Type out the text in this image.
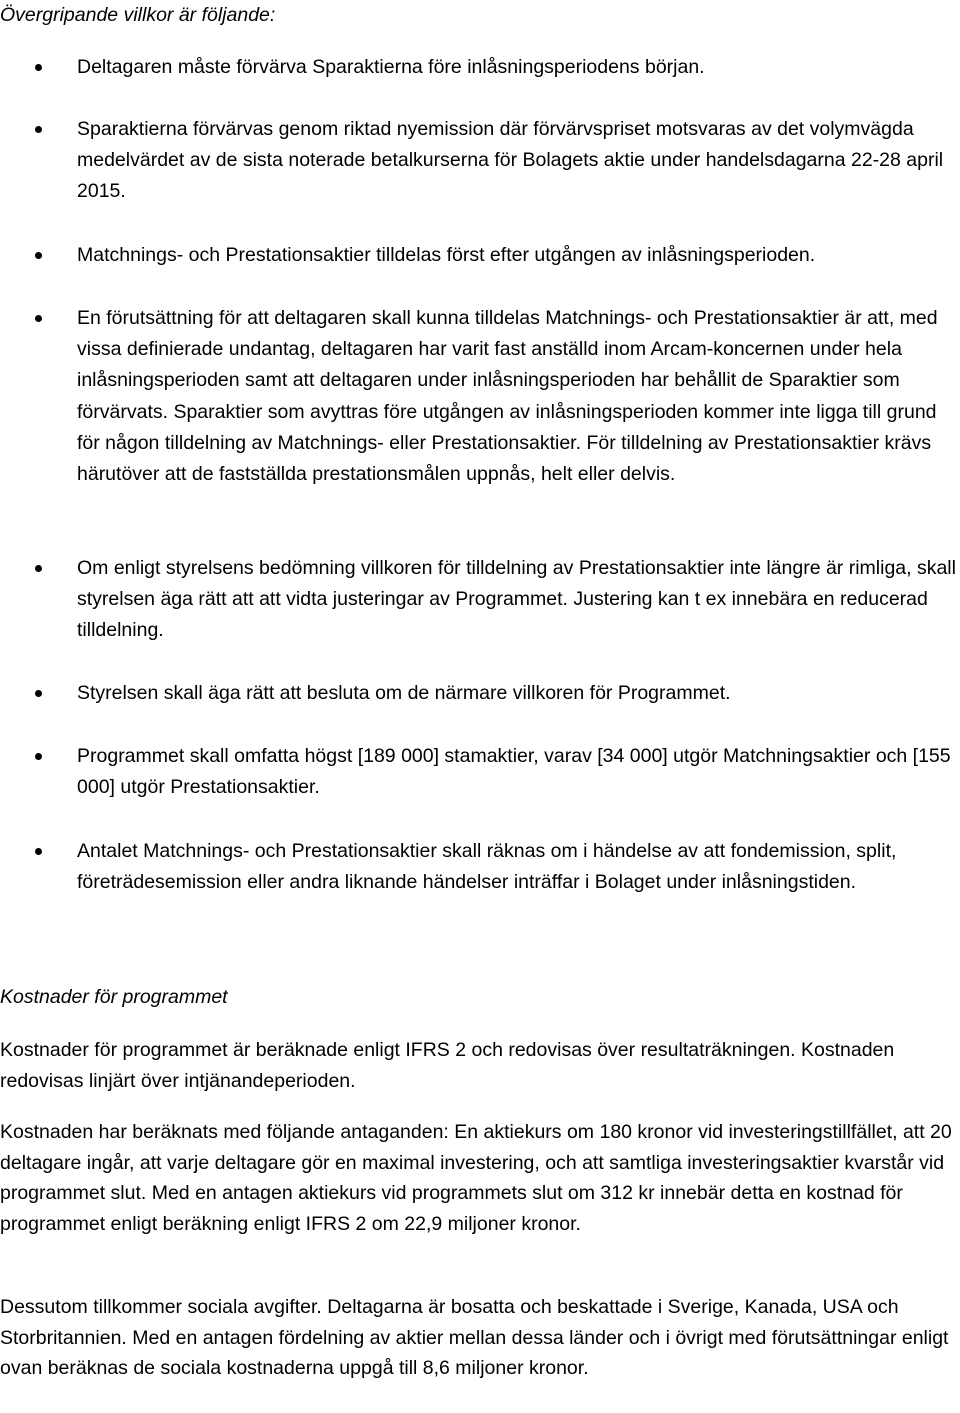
Övergripande villkor är följande:
Deltagaren måste förvärva Sparaktierna före inlåsningsperiodens början.
Sparaktierna förvärvas genom riktad nyemission där förvärvspriset motsvaras av det volymvägda medelvärdet av de sista noterade betalkurserna för Bolagets aktie under handelsdagarna 22-28 april 2015.
Matchnings- och Prestationsaktier tilldelas först efter utgången av inlåsningsperioden.
En förutsättning för att deltagaren skall kunna tilldelas Matchnings- och Prestationsaktier är att, med vissa definierade undantag, deltagaren har varit fast anställd inom Arcam-koncernen under hela inlåsningsperioden samt att deltagaren under inlåsningsperioden har behållit de Sparaktier som förvärvats. Sparaktier som avyttras före utgången av inlåsningsperioden kommer inte ligga till grund för någon tilldelning av Matchnings- eller Prestationsaktier. För tilldelning av Prestationsaktier krävs härutöver att de fastställda prestationsmålen uppnås, helt eller delvis.
Om enligt styrelsens bedömning villkoren för tilldelning av Prestationsaktier inte längre är rimliga, skall styrelsen äga rätt att att vidta justeringar av Programmet. Justering kan t ex innebära en reducerad tilldelning.
Styrelsen skall äga rätt att besluta om de närmare villkoren för Programmet.
Programmet skall omfatta högst [189 000] stamaktier, varav [34 000] utgör Matchningsaktier och [155 000] utgör Prestationsaktier.
Antalet Matchnings- och Prestationsaktier skall räknas om i händelse av att fondemission, split, företrädesemission eller andra liknande händelser inträffar i Bolaget under inlåsningstiden.
Kostnader för programmet
Kostnader för programmet är beräknade enligt IFRS 2 och redovisas över resultaträkningen. Kostnaden redovisas linjärt över intjänandeperioden.
Kostnaden har beräknats med följande antaganden: En aktiekurs om 180 kronor vid investeringstillfället, att 20 deltagare ingår, att varje deltagare gör en maximal investering, och att samtliga investeringsaktier kvarstår vid programmet slut. Med en antagen aktiekurs vid programmets slut om 312 kr innebär detta en kostnad för programmet enligt beräkning enligt IFRS 2 om 22,9 miljoner kronor.
Dessutom tillkommer sociala avgifter. Deltagarna är bosatta och beskattade i Sverige, Kanada, USA och Storbritannien. Med en antagen fördelning av aktier mellan dessa länder och i övrigt med förutsättningar enligt ovan beräknas de sociala kostnaderna uppgå till 8,6 miljoner kronor.
